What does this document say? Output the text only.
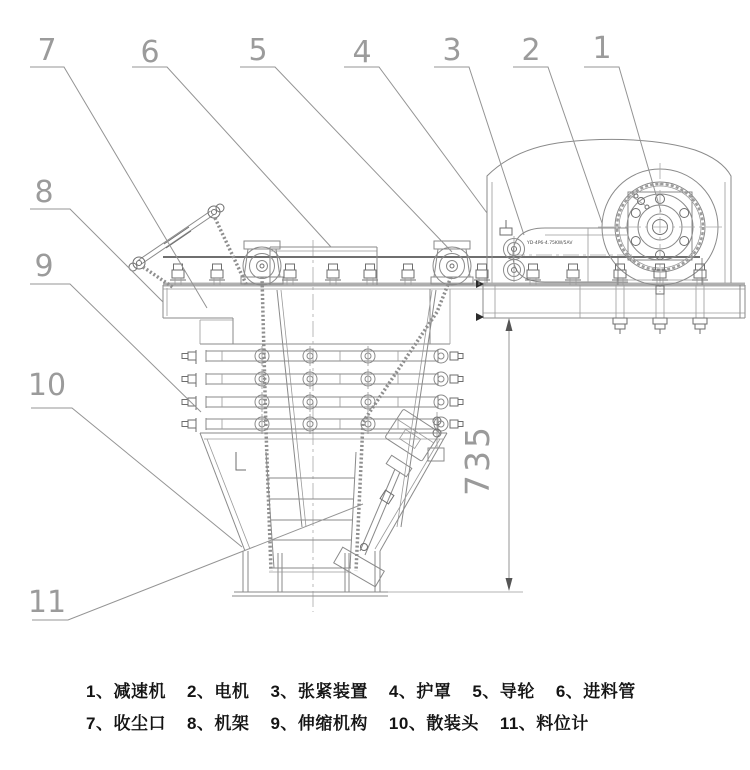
YD-4P6-4.75KW/5AV
735
7	6	5	4 3 2 1
8
9
10
11
1、减速机 2、电机 3、张紧装置 4、护罩 5、导轮 6、进料管
7、收尘口 8、机架 9、伸缩机构 10、散装头 11、料位计
